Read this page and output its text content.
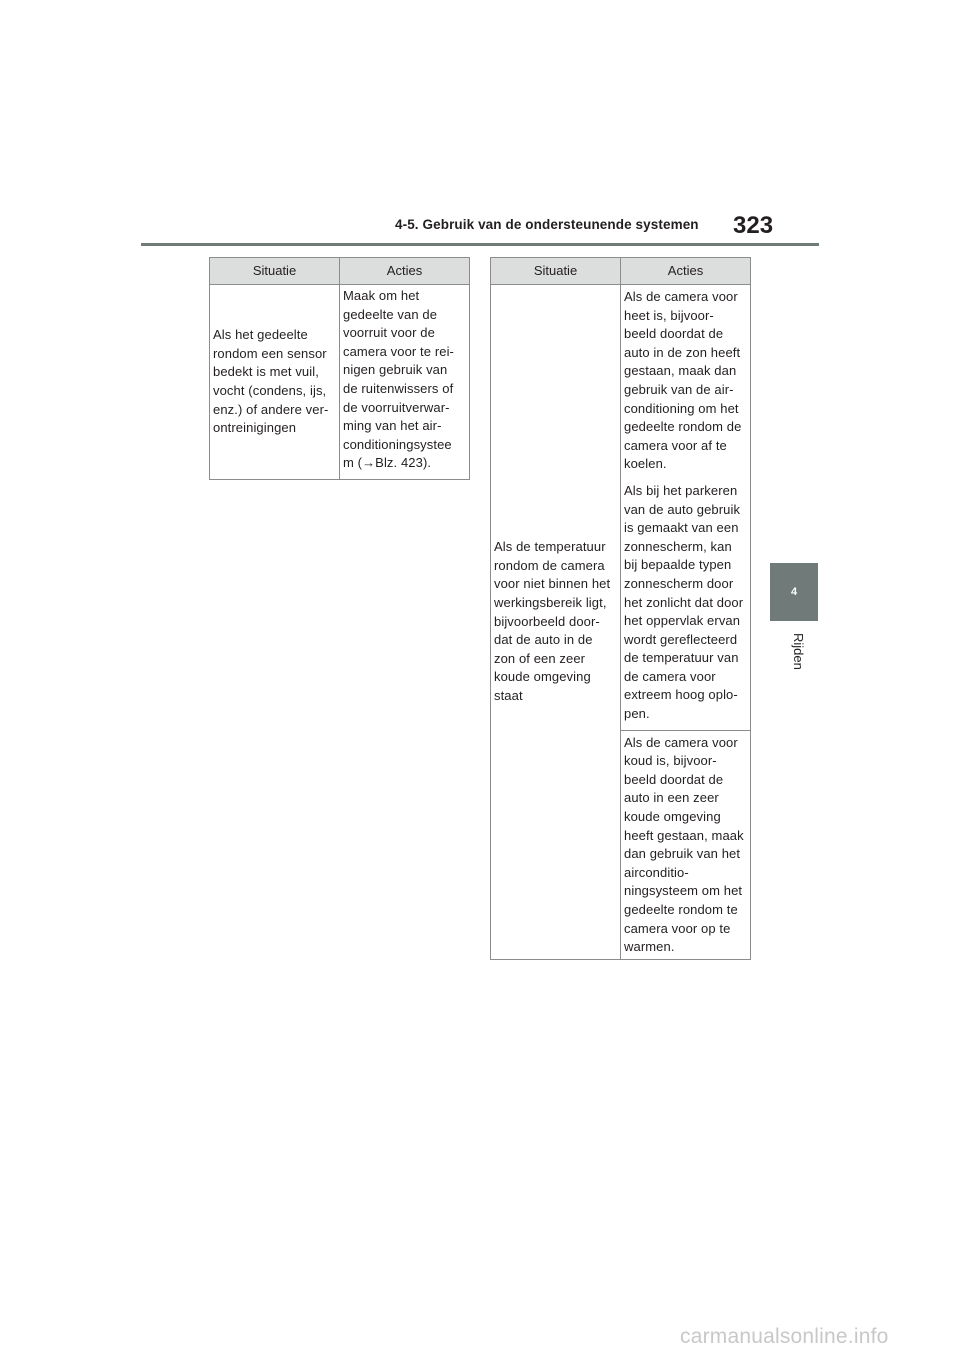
4-5. Gebruik van de ondersteunende systemen 323
4
Rijden
Situatie	Acties
Als het gedeelte rondom een sensor bedekt is met vuil, vocht (condens, ijs, enz.) of andere ver-ontreinigingen	Maak om het gedeelte van de voorruit voor de camera voor te rei-nigen gebruik van de ruitenwissers of de voorruitverwar-ming van het air-conditioningsystee m (→Blz. 423).
Situatie	Acties
Als de temperatuur rondom de camera voor niet binnen het werkingsbereik ligt, bijvoorbeeld door-dat de auto in de zon of een zeer koude omgeving staat	Als de camera voor heet is, bijvoor-beeld doordat de auto in de zon heeft gestaan, maak dan gebruik van de air-conditioning om het gedeelte rondom de camera voor af te koelen.
Als bij het parkeren van de auto gebruik is gemaakt van een zonnescherm, kan bij bepaalde typen zonnescherm door het zonlicht dat door het oppervlak ervan wordt gereflecteerd de temperatuur van de camera voor extreem hoog oplo-pen.

	Als de camera voor koud is, bijvoor-beeld doordat de auto in een zeer koude omgeving heeft gestaan, maak dan gebruik van het airconditio-ningsysteem om het gedeelte rondom te camera voor op te warmen.
carmanualsonline.info
